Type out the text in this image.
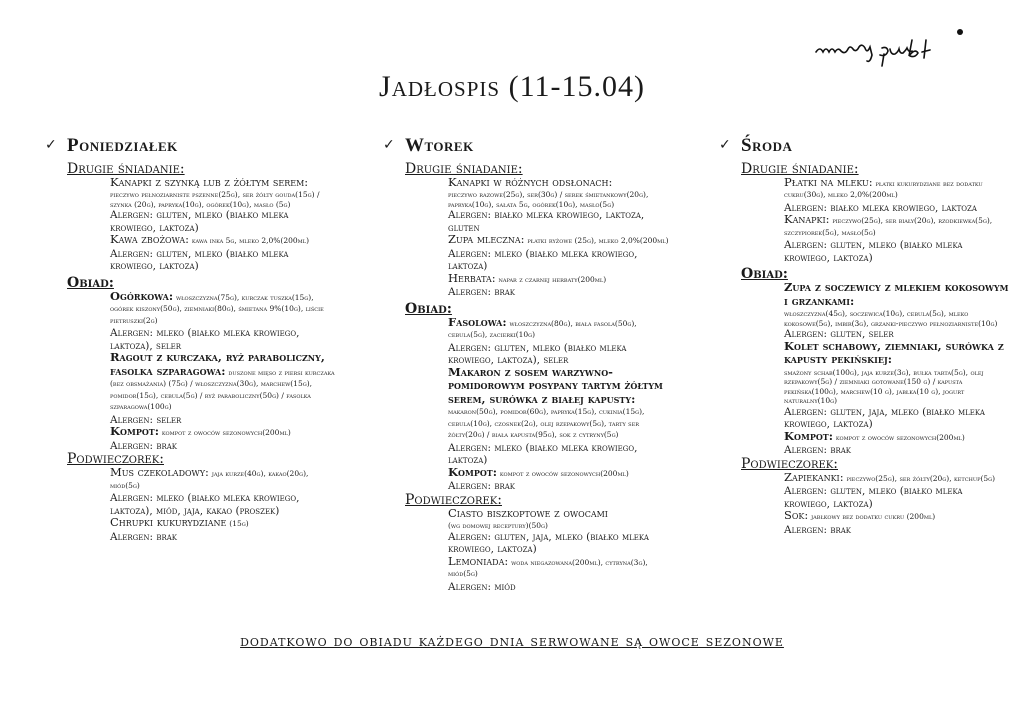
Jadłospis (11-15.04)
✓ Poniedziałek
Drugie śniadanie:
Kanapki z szynką lub z żółtym serem:
pieczywo pełnoziarniste pszenne(25g), ser żółty gouda(15g) / szynka (20g), papryka(10g), ogórek(10g), masło (5g)
Alergen: gluten, mleko (białko mleka krowiego, laktoza)
Kawa zbożowa: kawa inka 5g, mleko 2,0%(200ml)
Alergen: gluten, mleko (białko mleka krowiego, laktoza)
Obiad:
Ogórkowa: włoszczyzna(75g), kurczak tuszka(15g), ogórek kiszony(50g), ziemniaki(80g), śmietana 9%(10g), liście pietruszki(2g)
Alergen: mleko (białko mleka krowiego, laktoza), seler
Ragout z kurczaka, ryż paraboliczny, fasolka szparagowa: duszone mięso z piersi kurczaka (bez obsmażania) (75g) / włoszczyzna(30g), marchew(15g), pomidor(15g), cebula(5g) / ryż paraboliczny(50g) / fasolka szparagowa(100g)
Alergen: seler
Kompot: kompot z owoców sezonowych(200ml)
Alergen: brak
Podwieczorek:
Mus czekoladowy: jaja kurze(40g), kakao(20g), miód(5g)
Alergen: mleko (białko mleka krowiego, laktoza), miód, jaja, kakao (proszek)
Chrupki kukurydziane (15g)
Alergen: brak
✓ Wtorek
Drugie śniadanie:
Kanapki w różnych odsłonach:
pieczywo razowe(25g), ser(30g) / serek śmietankowy(20g), papryka(10g), sałata 5g, ogórek(10g), masło(5g)
Alergen: białko mleka krowiego, laktoza, gluten
Zupa mleczna: płatki ryżowe (25g), mleko 2,0%(200ml)
Alergen: mleko (białko mleka krowiego, laktoza)
Herbata: napar z czarnej herbaty(200ml)
Alergen: brak
Obiad:
Fasolowa: włoszczyzna(80g), biała fasola(50g), cebula(5g), zacierki(10g)
Alergen: gluten, mleko (białko mleka krowiego, laktoza), seler
Makaron z sosem warzywno-pomidorowym posypany tartym żółtym serem, surówka z białej kapusty: makaron(50g), pomidor(60g), papryka(15g), cukinia(15g), cebula(10g), czosnek(2g), olej rzepakowy(5g), tarty ser żółty(20g) / biała kapusta(95g), sok z cytryny(5g)
Alergen: mleko (białko mleka krowiego, laktoza)
Kompot: kompot z owoców sezonowych(200ml)
Alergen: brak
Podwieczorek:
Ciasto biszkoptowe z owocami
(wg domowej receptury)(50g)
Alergen: gluten, jaja, mleko (białko mleka krowiego, laktoza)
Lemoniada: woda niegazowana(200ml), cytryna(3g), miód(5g)
Alergen: miód
✓ Środa
Drugie śniadanie:
Płatki na mleku: płatki kukurydziane bez dodatku cukru(30g), mleko 2,0%(200ml)
Alergen: białko mleka krowiego, laktoza
Kanapki: pieczywo(25g), ser biały(20g), rzodkiewka(5g), szczypiorek(5g), masło(5g)
Alergen: gluten, mleko (białko mleka krowiego, laktoza)
Obiad:
Zupa z soczewicy z mlekiem kokosowym i grzankami:
włoszczyzna(45g), soczewica(10g), cebula(5g), mleko kokosowe(5g), imbir(3g), grzanki-pieczywo pełnoziarniste(10g)
Alergen: gluten, seler
Kolet schabowy, ziemniaki, surówka z kapusty pekińskiej:
smażony schab(100g), jaja kurze(3g), bułka tarta(5g), olej rzepakowy(5g) / ziemniaki gotowane(150 g) / kapusta pekińska(100g), marchew(10 g), jabłka(10 g), jogurt naturalny(10g)
Alergen: gluten, jaja, mleko (białko mleka krowiego, laktoza)
Kompot: kompot z owoców sezonowych(200ml)
Alergen: brak
Podwieczorek:
Zapiekanki: pieczywo(25g), ser żółty(20g), ketchup(5g)
Alergen: gluten, mleko (białko mleka krowiego, laktoza)
Sok: jabłkowy bez dodatku cukru (200ml)
Alergen: brak
dodatkowo do obiadu każdego dnia serwowane są owoce sezonowe
